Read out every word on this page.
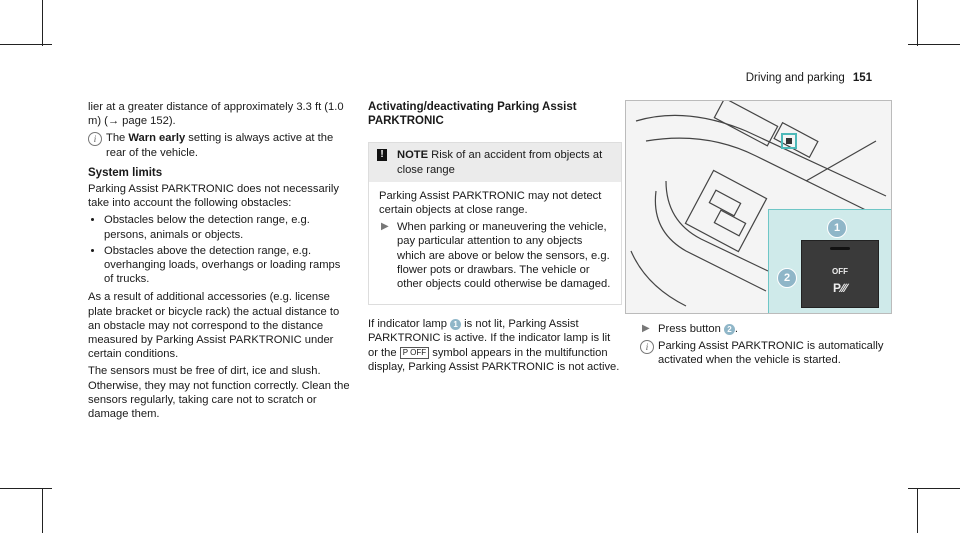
Driving and parking 151

lier at a greater distance of approximately 3.3 ft (1.0 m) (→ page 152).

i The Warn early setting is always active at the rear of the vehicle.

System limits

Parking Assist PARKTRONIC does not necessarily take into account the following obstacles:

• Obstacles below the detection range, e.g. persons, animals or objects.
• Obstacles above the detection range, e.g. overhanging loads, overhangs or loading ramps of trucks.

As a result of additional accessories (e.g. license plate bracket or bicycle rack) the actual distance to an obstacle may not correspond to the distance measured by Parking Assist PARKTRONIC under certain conditions.

The sensors must be free of dirt, ice and slush. Otherwise, they may not function correctly. Clean the sensors regularly, taking care not to scratch or damage them.

Activating/deactivating Parking Assist PARKTRONIC
! NOTE Risk of an accident from objects at close range

Parking Assist PARKTRONIC may not detect certain objects at close range.

▶ When parking or maneuvering the vehicle, pay particular attention to any objects which are above or below the sensors, e.g. flower pots or drawbars. The vehicle or other objects could otherwise be damaged.

If indicator lamp 1 is not lit, Parking Assist PARKTRONIC is active. If the indicator lamp is lit or the P OFF symbol appears in the multifunction display, Parking Assist PARKTRONIC is not active.

1
2
OFF
P∕∕∕

▶ Press button 2 .

i Parking Assist PARKTRONIC is automatically activated when the vehicle is started.
